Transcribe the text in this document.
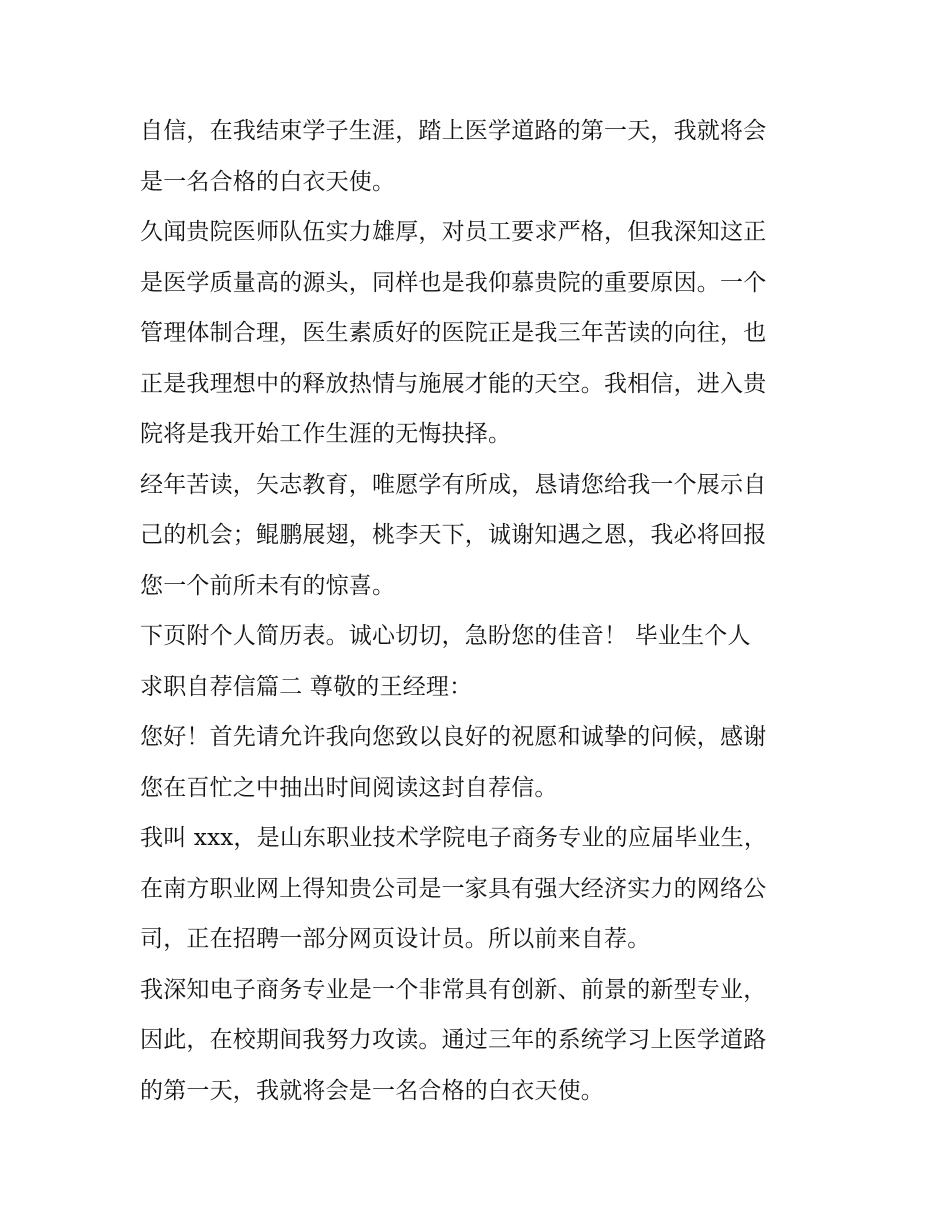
自信，在我结束学子生涯，踏上医学道路的第一天，我就将会
是一名合格的白衣天使。
久闻贵院医师队伍实力雄厚，对员工要求严格，但我深知这正
是医学质量高的源头，同样也是我仰慕贵院的重要原因。一个
管理体制合理，医生素质好的医院正是我三年苦读的向往，也
正是我理想中的释放热情与施展才能的天空。我相信，进入贵
院将是我开始工作生涯的无悔抉择。
经年苦读，矢志教育，唯愿学有所成，恳请您给我一个展示自
己的机会；鲲鹏展翅，桃李天下，诚谢知遇之恩，我必将回报
您一个前所未有的惊喜。
下页附个人简历表。诚心切切，急盼您的佳音！ 毕业生个人
求职自荐信篇二 尊敬的王经理：
您好！首先请允许我向您致以良好的祝愿和诚挚的问候，感谢
您在百忙之中抽出时间阅读这封自荐信。
我叫 xxx，是山东职业技术学院电子商务专业的应届毕业生，
在南方职业网上得知贵公司是一家具有强大经济实力的网络公
司，正在招聘一部分网页设计员。所以前来自荐。
我深知电子商务专业是一个非常具有创新、前景的新型专业，
因此，在校期间我努力攻读。通过三年的系统学习上医学道路
的第一天，我就将会是一名合格的白衣天使。
